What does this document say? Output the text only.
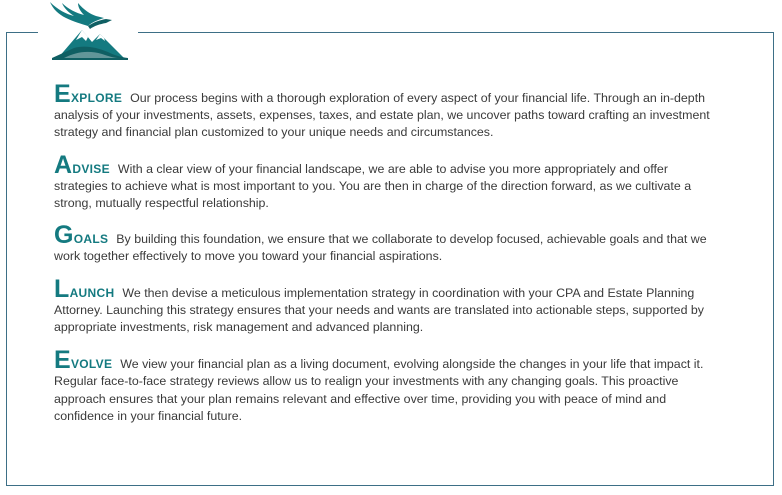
Explore Our process begins with a thorough exploration of every aspect of your financial life. Through an in-depth analysis of your investments, assets, expenses, taxes, and estate plan, we uncover paths toward crafting an investment strategy and financial plan customized to your unique needs and circumstances.

Advise With a clear view of your financial landscape, we are able to advise you more appropriately and offer strategies to achieve what is most important to you. You are then in charge of the direction forward, as we cultivate a strong, mutually respectful relationship.

Goals By building this foundation, we ensure that we collaborate to develop focused, achievable goals and that we work together effectively to move you toward your financial aspirations.

Launch We then devise a meticulous implementation strategy in coordination with your CPA and Estate Planning Attorney. Launching this strategy ensures that your needs and wants are translated into actionable steps, supported by appropriate investments, risk management and advanced planning.

Evolve We view your financial plan as a living document, evolving alongside the changes in your life that impact it. Regular face-to-face strategy reviews allow us to realign your investments with any changing goals. This proactive approach ensures that your plan remains relevant and effective over time, providing you with peace of mind and confidence in your financial future.
